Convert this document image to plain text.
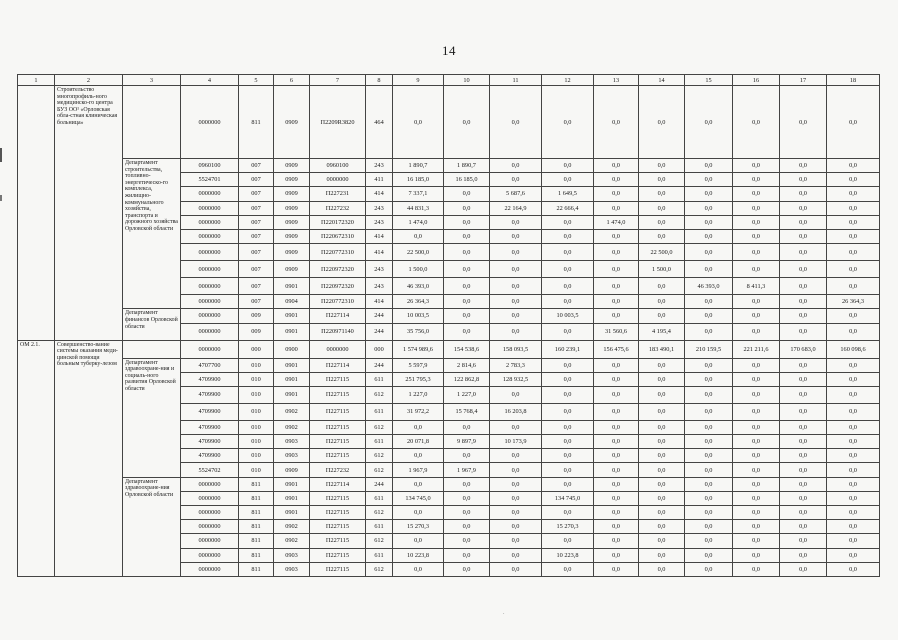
14
1	2	3	4	5	6	7	8	9	10	11	12	13	14	15	16	17	18
	Строительство многопрофиль-ного медицинско-го центра БУЗ ОО¹ «Орловская обла-стная клиническая больница»		0000000	811	0909	П2209R3820	464	0,0	0,0	0,0	0,0	0,0	0,0	0,0	0,0	0,0	0,0
		Департамент строительства, топливно-энергетическо-го комплекса, жилищно-коммунального хозяйства, транспорта и дорожного хозяйства Орловской области	0960100	007	0909	0960100	243	1 890,7	1 890,7	0,0	0,0	0,0	0,0	0,0	0,0	0,0	0,0
			5524701	007	0909	0000000	411	16 185,0	16 185,0	0,0	0,0	0,0	0,0	0,0	0,0	0,0	0,0
			0000000	007	0909	П227231	414	7 337,1	0,0	5 687,6	1 649,5	0,0	0,0	0,0	0,0	0,0	0,0
			0000000	007	0909	П227232	243	44 831,3	0,0	22 164,9	22 666,4	0,0	0,0	0,0	0,0	0,0	0,0
			0000000	007	0909	П220172320	243	1 474,0	0,0	0,0	0,0	1 474,0	0,0	0,0	0,0	0,0	0,0
			0000000	007	0909	П220672310	414	0,0	0,0	0,0	0,0	0,0	0,0	0,0	0,0	0,0	0,0
			0000000	007	0909	П220772310	414	22 500,0	0,0	0,0	0,0	0,0	22 500,0	0,0	0,0	0,0	0,0
			0000000	007	0909	П220972320	243	1 500,0	0,0	0,0	0,0	0,0	1 500,0	0,0	0,0	0,0	0,0
			0000000	007	0901	П220972320	243	46 393,0	0,0	0,0	0,0	0,0	0,0	46 393,0	8 411,3	0,0	0,0
			0000000	007	0904	П220772310	414	26 364,3	0,0	0,0	0,0	0,0	0,0	0,0	0,0	0,0	26 364,3
		Департамент финансов Орловской области	0000000	009	0901	П227114	244	10 003,5	0,0	0,0	10 003,5	0,0	0,0	0,0	0,0	0,0	0,0
			0000000	009	0901	П220971140	244	35 756,0	0,0	0,0	0,0	31 560,6	4 195,4	0,0	0,0	0,0	0,0
ОМ 2.1.	Совершенство-вание системы оказания меди-цинской помощи больным туберку-лезом		0000000	000	0900	0000000	000	1 574 989,6	154 538,6	158 093,5	160 239,1	156 475,6	183 490,1	210 159,5	221 211,6	170 683,0	160 098,6
		Департамент здравоохране-ния и социаль-ного развития Орловской области	4707700	010	0901	П227114	244	5 597,9	2 814,6	2 783,3	0,0	0,0	0,0	0,0	0,0	0,0	0,0
			4709900	010	0901	П227115	611	251 795,3	122 862,8	128 932,5	0,0	0,0	0,0	0,0	0,0	0,0	0,0
			4709900	010	0901	П227115	612	1 227,0	1 227,0	0,0	0,0	0,0	0,0	0,0	0,0	0,0	0,0
			4709900	010	0902	П227115	611	31 972,2	15 768,4	16 203,8	0,0	0,0	0,0	0,0	0,0	0,0	0,0
			4709900	010	0902	П227115	612	0,0	0,0	0,0	0,0	0,0	0,0	0,0	0,0	0,0	0,0
			4709900	010	0903	П227115	611	20 071,8	9 897,9	10 173,9	0,0	0,0	0,0	0,0	0,0	0,0	0,0
			4709900	010	0903	П227115	612	0,0	0,0	0,0	0,0	0,0	0,0	0,0	0,0	0,0	0,0
			5524702	010	0909	П227232	612	1 967,9	1 967,9	0,0	0,0	0,0	0,0	0,0	0,0	0,0	0,0
		Департамент здравоохране-ния Орловской области	0000000	811	0901	П227114	244	0,0	0,0	0,0	0,0	0,0	0,0	0,0	0,0	0,0	0,0
			0000000	811	0901	П227115	611	134 745,0	0,0	0,0	134 745,0	0,0	0,0	0,0	0,0	0,0	0,0
			0000000	811	0901	П227115	612	0,0	0,0	0,0	0,0	0,0	0,0	0,0	0,0	0,0	0,0
			0000000	811	0902	П227115	611	15 270,3	0,0	0,0	15 270,3	0,0	0,0	0,0	0,0	0,0	0,0
			0000000	811	0902	П227115	612	0,0	0,0	0,0	0,0	0,0	0,0	0,0	0,0	0,0	0,0
			0000000	811	0903	П227115	611	10 223,8	0,0	0,0	10 223,8	0,0	0,0	0,0	0,0	0,0	0,0
			0000000	811	0903	П227115	612	0,0	0,0	0,0	0,0	0,0	0,0	0,0	0,0	0,0	0,0
.
